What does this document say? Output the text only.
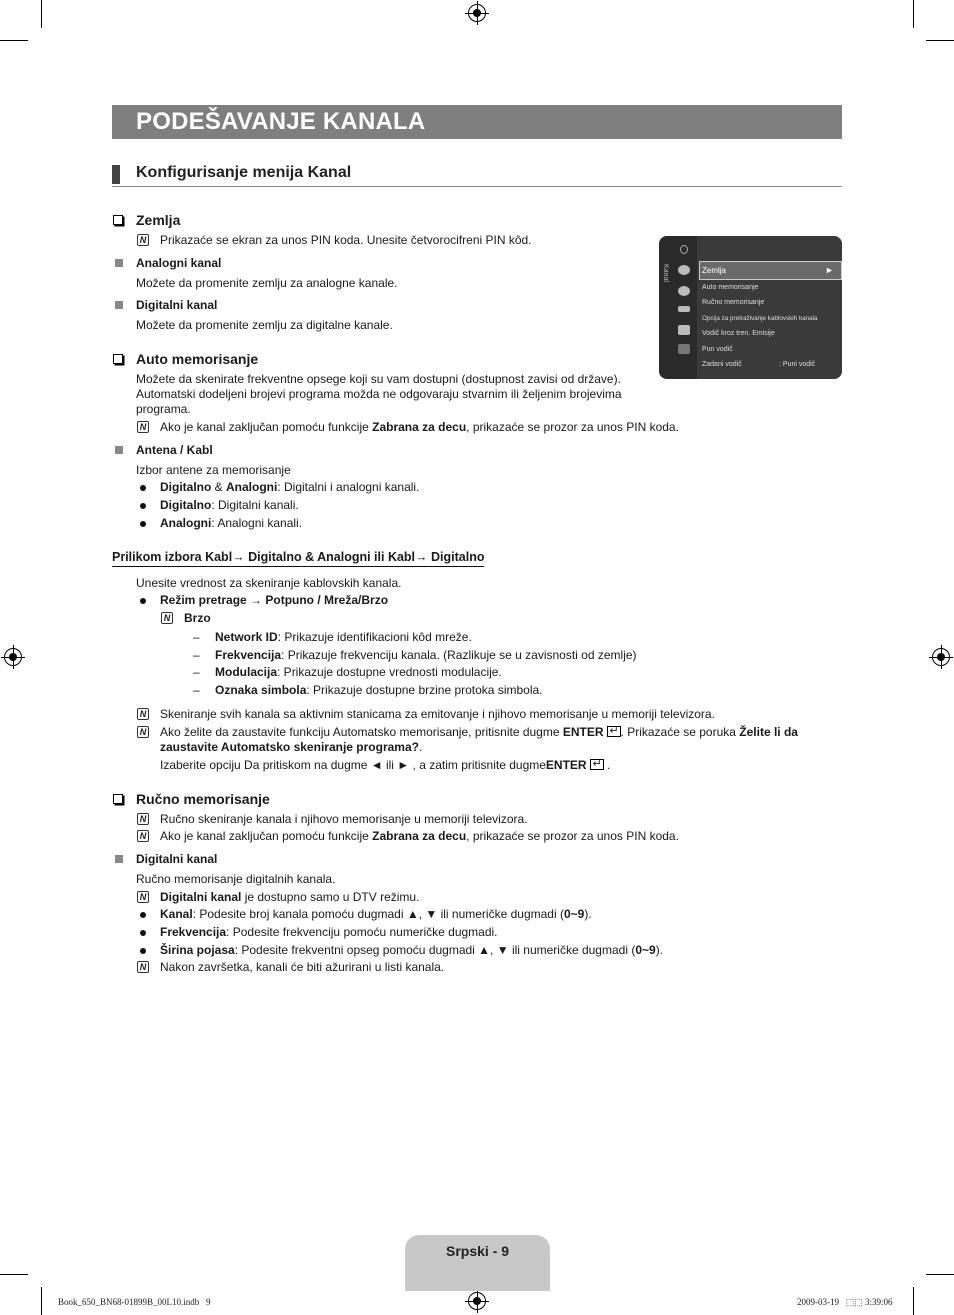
PODEŠAVANJE KANALA
Konfigurisanje menija Kanal
Kanal	Zemlja	►
Auto memorisanje
Ručno memorisanje
Opcija za pretraživanje kablovskih kanala
Vodič kroz tren. Emisije
Pun vodič
Zadani vodič	: Puni vodič
Zemlja
N Prikazaće se ekran za unos PIN koda. Unesite četvorocifreni PIN kôd.
Analogni kanal
Možete da promenite zemlju za analogne kanale.
Digitalni kanal
Možete da promenite zemlju za digitalne kanale.
Auto memorisanje
Možete da skenirate frekventne opsege koji su vam dostupni (dostupnost zavisi od države).
Automatski dodeljeni brojevi programa možda ne odgovaraju stvarnim ili željenim brojevima
programa.
N Ako je kanal zaključan pomoću funkcije Zabrana za decu, prikazaće se prozor za unos PIN koda.
Antena / Kabl
Izbor antene za memorisanje
Digitalno & Analogni: Digitalni i analogni kanali.
Digitalno: Digitalni kanali.
Analogni: Analogni kanali.
Prilikom izbora Kabl→ Digitalno & Analogni ili Kabl→ Digitalno
Unesite vrednost za skeniranje kablovskih kanala.
Režim pretrage → Potpuno / Mreža/Brzo
N Brzo
– Network ID: Prikazuje identifikacioni kôd mreže.
– Frekvencija: Prikazuje frekvenciju kanala. (Razlikuje se u zavisnosti od zemlje)
– Modulacija: Prikazuje dostupne vrednosti modulacije.
– Oznaka simbola: Prikazuje dostupne brzine protoka simbola.
N Skeniranje svih kanala sa aktivnim stanicama za emitovanje i njihovo memorisanje u memoriji televizora.
N Ako želite da zaustavite funkciju Automatsko memorisanje, pritisnite dugme ENTER ↵ . Prikazaće se poruka Želite li da
zaustavite Automatsko skeniranje programa?.
Izaberite opciju Da pritiskom na dugme ◄ ili ► , a zatim pritisnite dugmeENTER ↵ .
Ručno memorisanje
N Ručno skeniranje kanala i njihovo memorisanje u memoriji televizora.
N Ako je kanal zaključan pomoću funkcije Zabrana za decu, prikazaće se prozor za unos PIN koda.
Digitalni kanal
Ručno memorisanje digitalnih kanala.
N Digitalni kanal je dostupno samo u DTV režimu.
Kanal: Podesite broj kanala pomoću dugmadi ▲, ▼ ili numeričke dugmadi (0~9).
Frekvencija: Podesite frekvenciju pomoću numeričke dugmadi.
Širina pojasa: Podesite frekventni opseg pomoću dugmadi ▲, ▼ ili numeričke dugmadi (0~9).
N Nakon završetka, kanali će biti ažurirani u listi kanala.
Srpski - 9
Book_650_BN68-01899B_00L10.indb   9	2009-03-19   ⬚⬚ 3:39:06
